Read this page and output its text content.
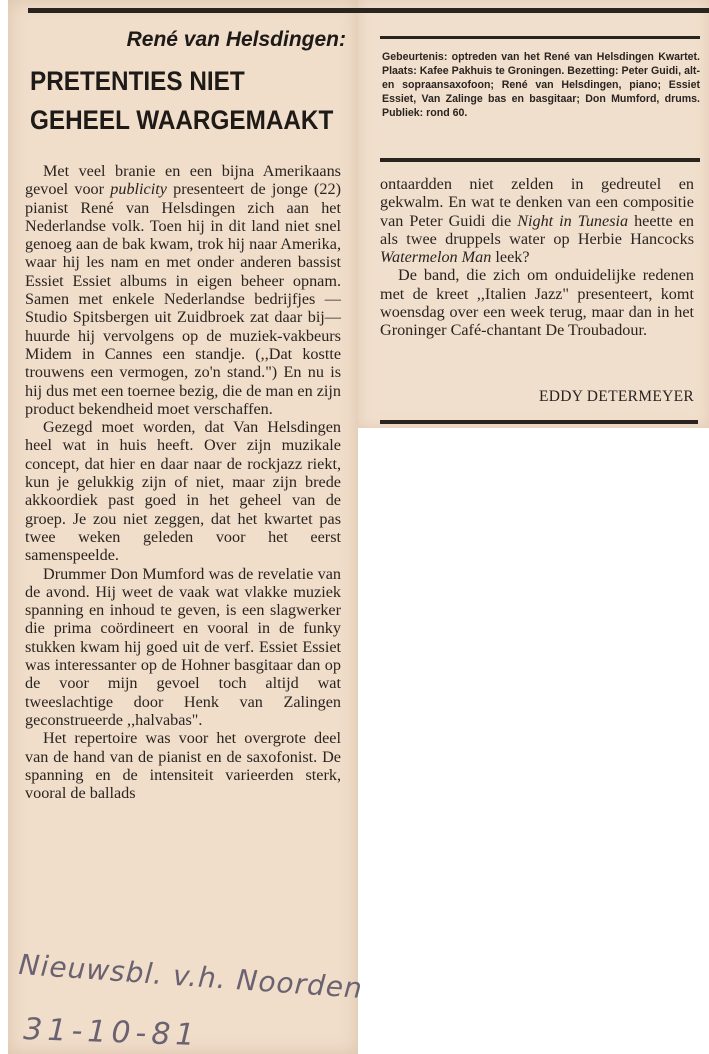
René van Helsdingen:
PRETENTIES NIET
GEHEEL WAARGEMAAKT
Gebeurtenis: optreden van het René van Helsdingen Kwartet. Plaats: Kafee Pakhuis te Groningen. Bezetting: Peter Guidi, alt- en sopraansaxofoon; René van Helsdingen, piano; Essiet Essiet, Van Zalinge bas en basgitaar; Don Mumford, drums. Publiek: rond 60.

Met veel branie en een bijna Amerikaans gevoel voor publicity presenteert de jonge (22) pianist René van Helsdingen zich aan het Nederlandse volk. Toen hij in dit land niet snel genoeg aan de bak kwam, trok hij naar Amerika, waar hij les nam en met onder anderen bassist Essiet Essiet albums in eigen beheer opnam. Samen met enkele Nederlandse bedrijfjes — Studio Spitsbergen uit Zuidbroek zat daar bij— huurde hij vervolgens op de muziek-vakbeurs Midem in Cannes een standje. (,,Dat kostte trouwens een vermogen, zo'n stand.") En nu is hij dus met een toernee bezig, die de man en zijn product bekendheid moet verschaffen.

Gezegd moet worden, dat Van Helsdingen heel wat in huis heeft. Over zijn muzikale concept, dat hier en daar naar de rockjazz riekt, kun je gelukkig zijn of niet, maar zijn brede akkoordiek past goed in het geheel van de groep. Je zou niet zeggen, dat het kwartet pas twee weken geleden voor het eerst samenspeelde.

Drummer Don Mumford was de revelatie van de avond. Hij weet de vaak wat vlakke muziek spanning en inhoud te geven, is een slagwerker die prima coördineert en vooral in de funky stukken kwam hij goed uit de verf. Essiet Essiet was interessanter op de Hohner basgitaar dan op de voor mijn gevoel toch altijd wat tweeslachtige door Henk van Zalingen geconstrueerde ,,halvabas".

Het repertoire was voor het overgrote deel van de hand van de pianist en de saxofonist. De spanning en de intensiteit varieerden sterk, vooral de ballads

ontaardden niet zelden in gedreutel en gekwalm. En wat te denken van een compositie van Peter Guidi die Night in Tunesia heette en als twee druppels water op Herbie Hancocks Watermelon Man leek?

De band, die zich om onduidelijke redenen met de kreet ,,Italien Jazz" presenteert, komt woensdag over een week terug, maar dan in het Groninger Café-chantant De Troubadour.

EDDY DETERMEYER
Nieuwsbl. v.h. Noorden
31-10-81
